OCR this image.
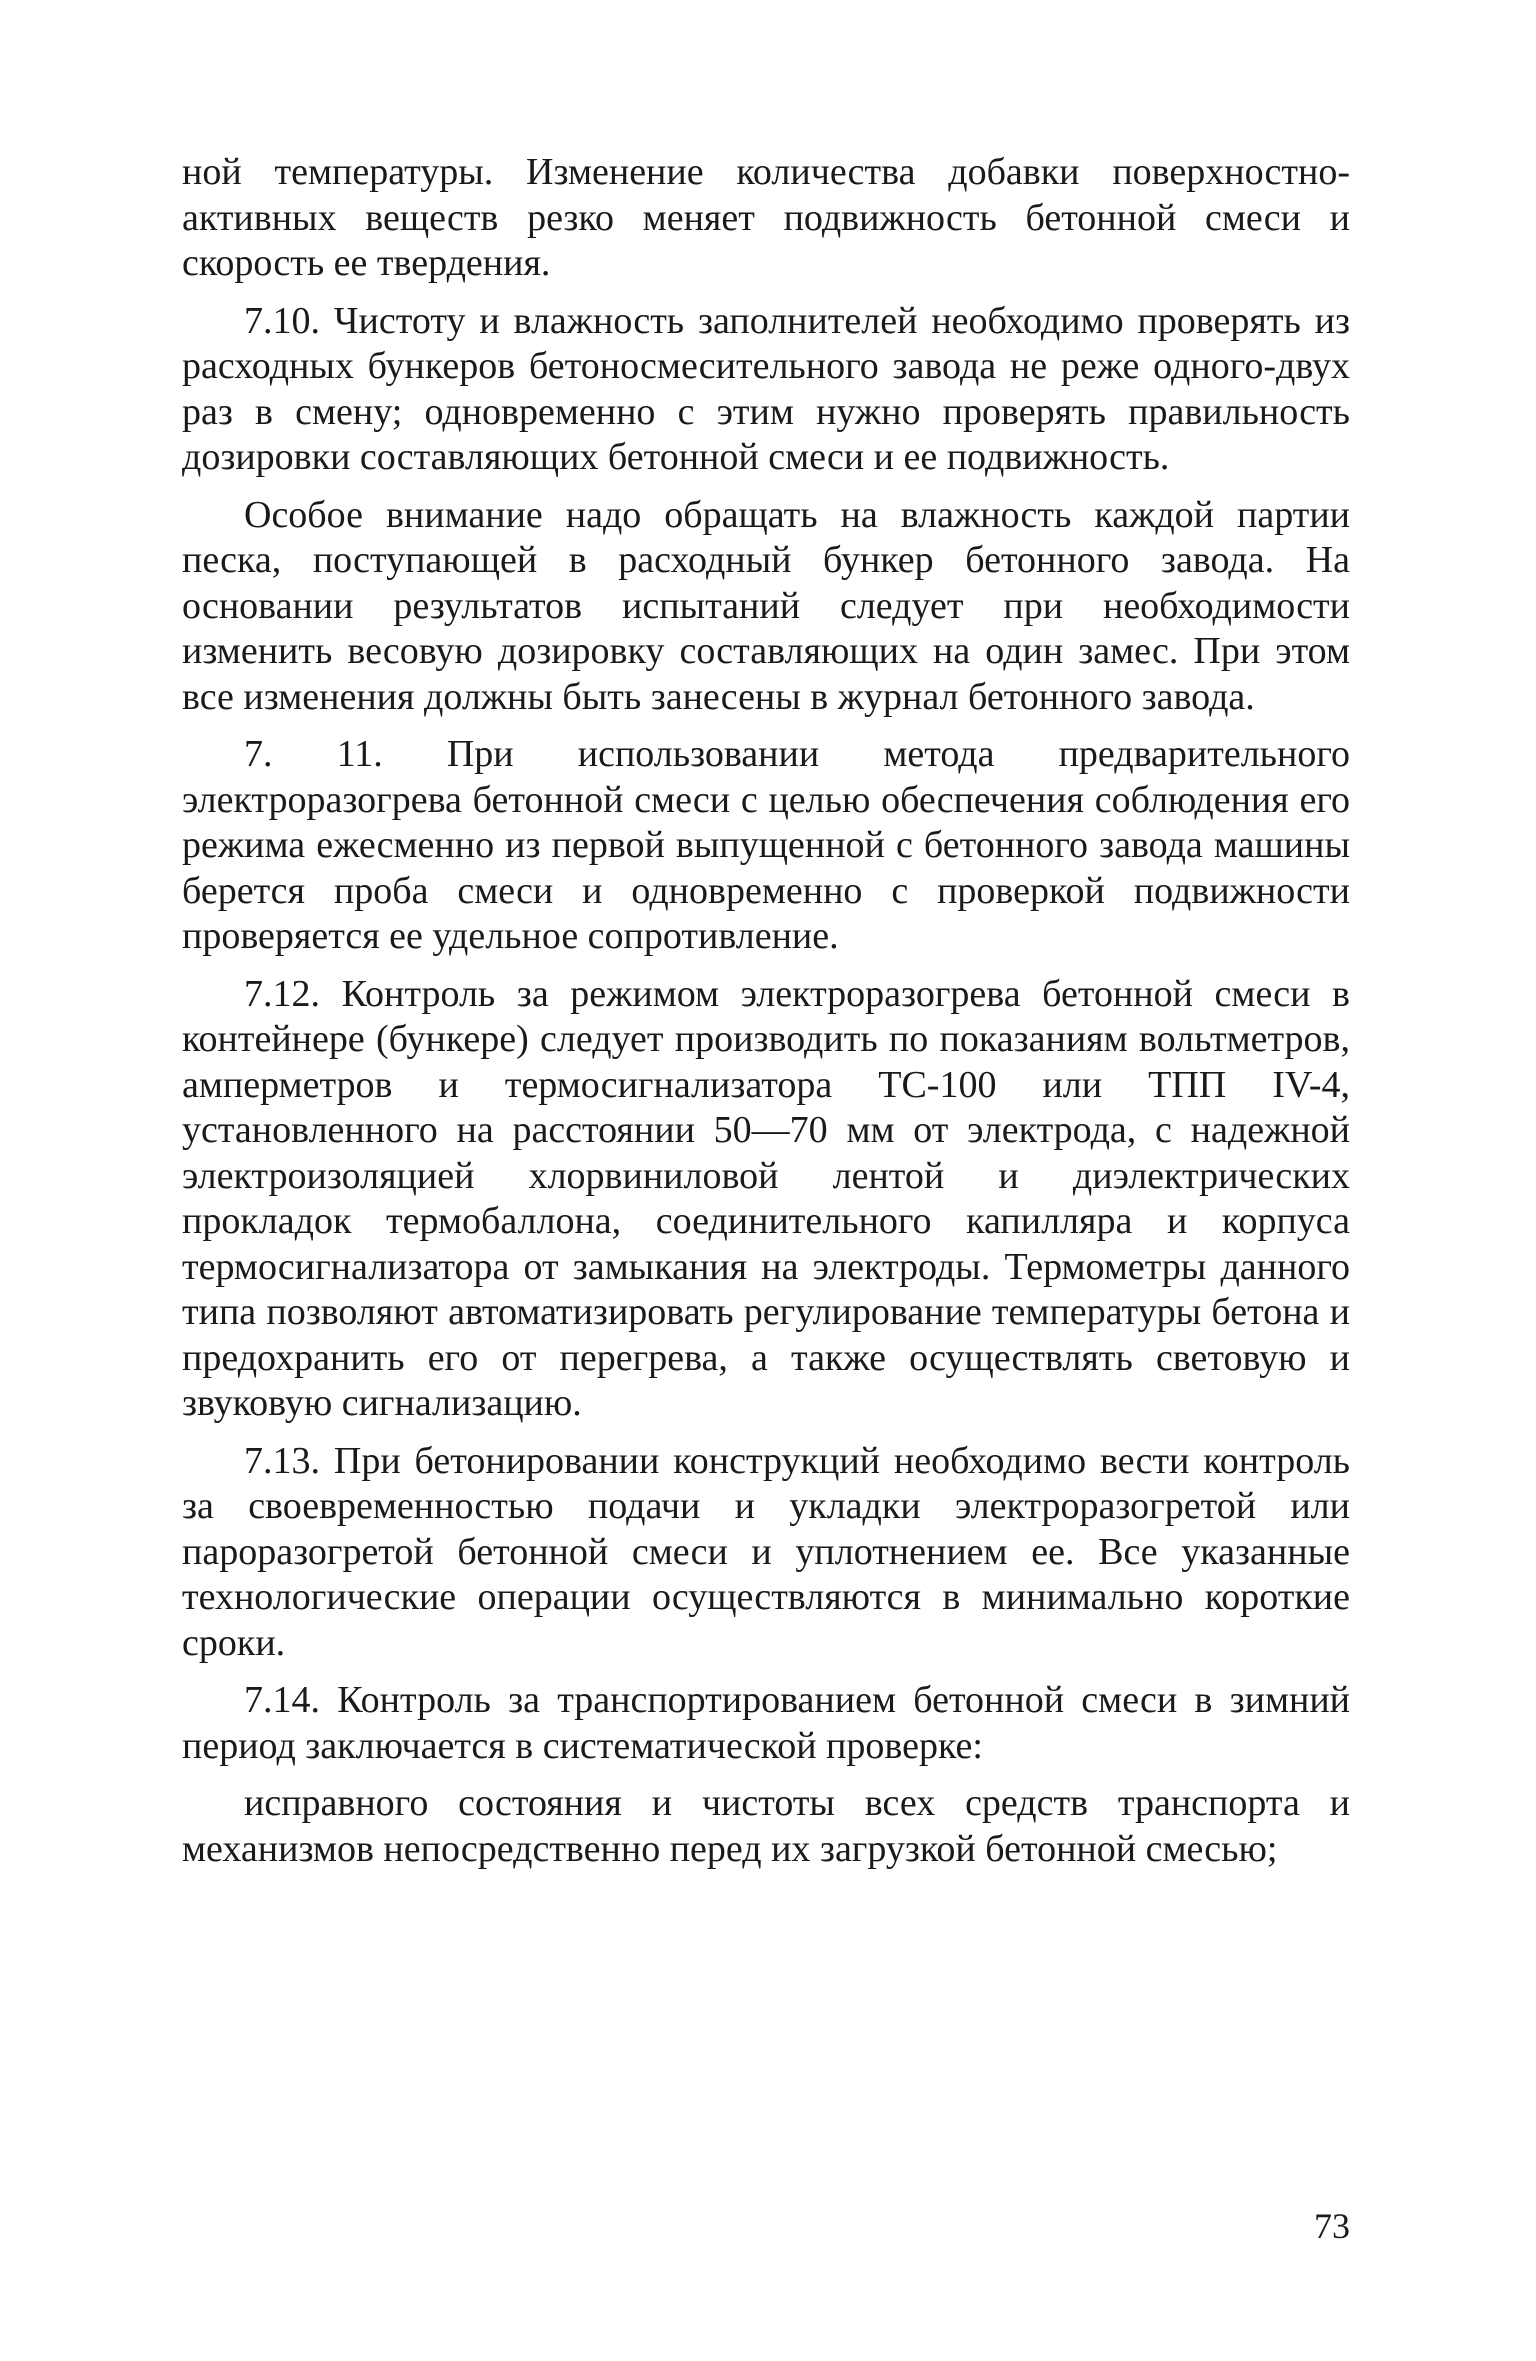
ной температуры. Изменение количества добавки поверхностно-активных веществ резко меняет подвижность бетонной смеси и скорость ее твердения.

7.10. Чистоту и влажность заполнителей необходимо проверять из расходных бункеров бетоносмесительного завода не реже одного-двух раз в смену; одновременно с этим нужно проверять правильность дозировки составляющих бетонной смеси и ее подвижность.

Особое внимание надо обращать на влажность каждой партии песка, поступающей в расходный бункер бетонного завода. На основании результатов испытаний следует при необходимости изменить весовую дозировку составляющих на один замес. При этом все изменения должны быть занесены в журнал бетонного завода.

7. 11. При использовании метода предварительного электроразогрева бетонной смеси с целью обеспечения соблюдения его режима ежесменно из первой выпущенной с бетонного завода машины берется проба смеси и одновременно с проверкой подвижности проверяется ее удельное сопротивление.

7.12. Контроль за режимом электроразогрева бетонной смеси в контейнере (бункере) следует производить по показаниям вольтметров, амперметров и термосигнализатора ТС-100 или ТПП IV-4, установленного на расстоянии 50—70 мм от электрода, с надежной электроизоляцией хлорвиниловой лентой и диэлектрических прокладок термобаллона, соединительного капилляра и корпуса термосигнализатора от замыкания на электроды. Термометры данного типа позволяют автоматизировать регулирование температуры бетона и предохранить его от перегрева, а также осуществлять световую и звуковую сигнализацию.

7.13. При бетонировании конструкций необходимо вести контроль за своевременностью подачи и укладки электроразогретой или пароразогретой бетонной смеси и уплотнением ее. Все указанные технологические операции осуществляются в минимально короткие сроки.

7.14. Контроль за транспортированием бетонной смеси в зимний период заключается в систематической проверке:

исправного состояния и чистоты всех средств транспорта и механизмов непосредственно перед их загрузкой бетонной смесью;

73
